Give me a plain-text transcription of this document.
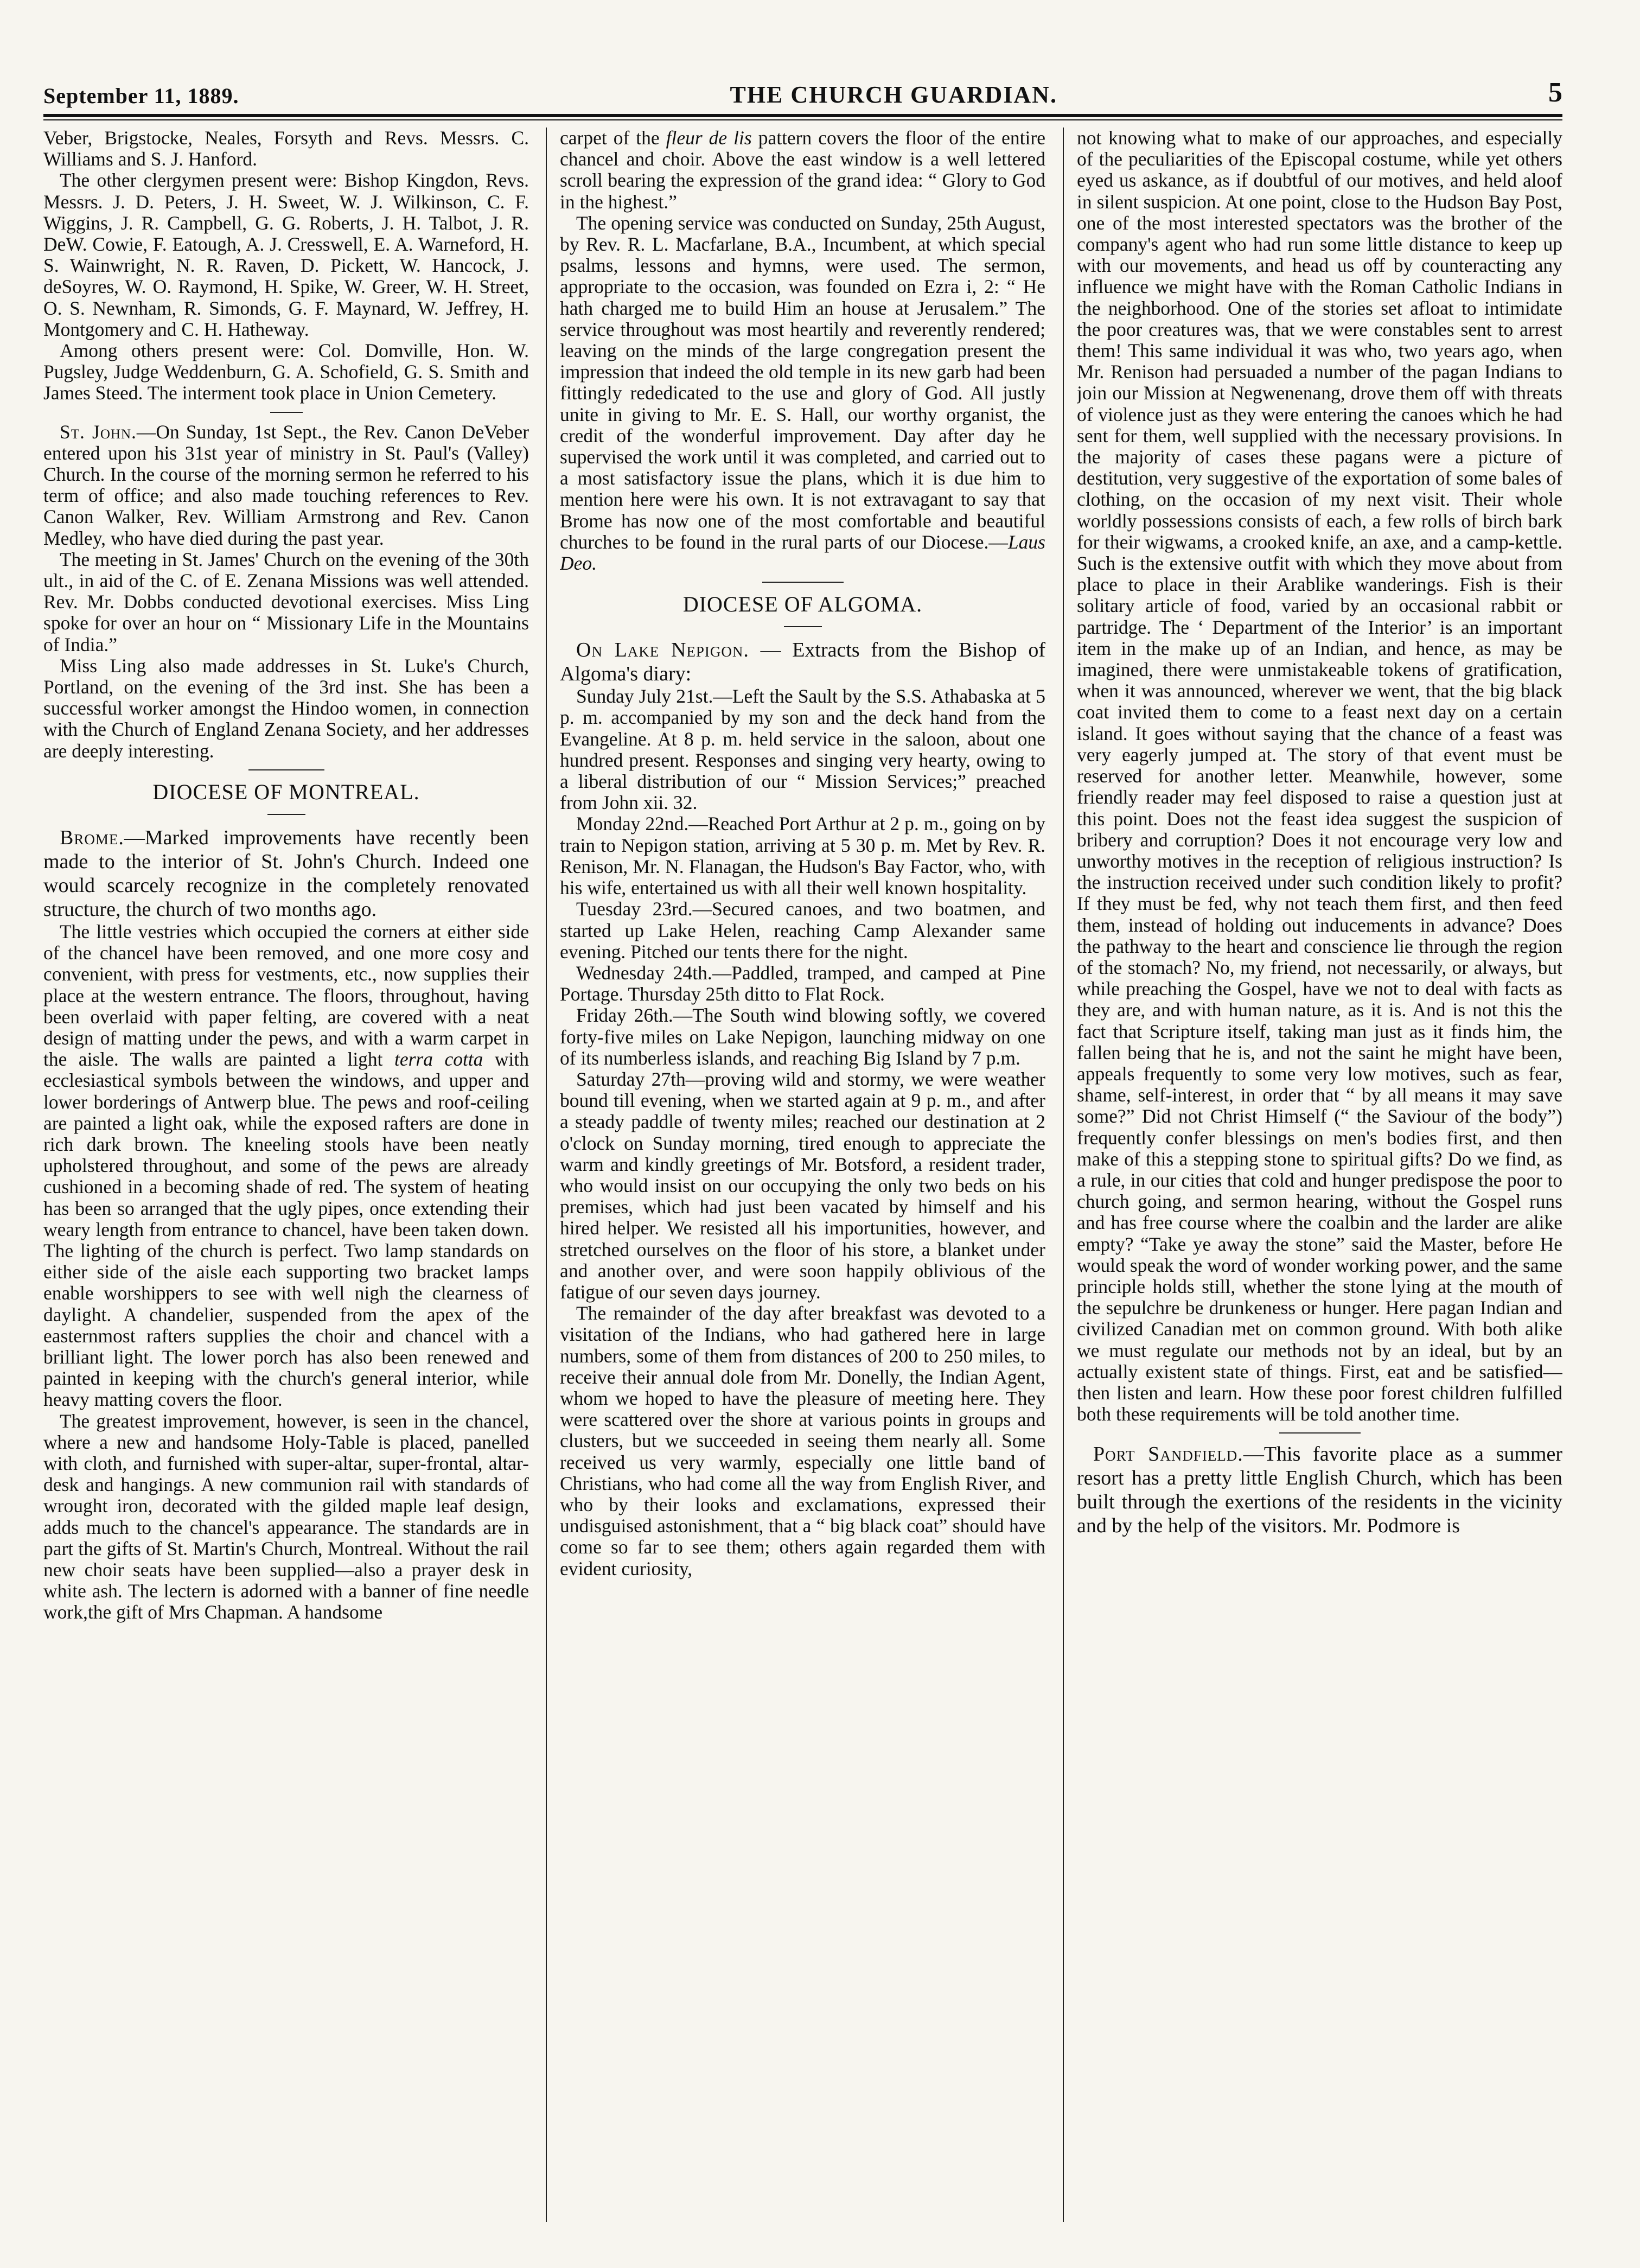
September 11, 1889.	THE CHURCH GUARDIAN.	5

Veber, Brigstocke, Neales, Forsyth and Revs. Messrs. C. Williams and S. J. Hanford.

The other clergymen present were: Bishop Kingdon, Revs. Messrs. J. D. Peters, J. H. Sweet, W. J. Wilkinson, C. F. Wiggins, J. R. Campbell, G. G. Roberts, J. H. Talbot, J. R. DeW. Cowie, F. Eatough, A. J. Cresswell, E. A. Warneford, H. S. Wainwright, N. R. Raven, D. Pickett, W. Hancock, J. deSoyres, W. O. Raymond, H. Spike, W. Greer, W. H. Street, O. S. Newnham, R. Simonds, G. F. Maynard, W. Jeffrey, H. Montgomery and C. H. Hatheway.

Among others present were: Col. Domville, Hon. W. Pugsley, Judge Weddenburn, G. A. Schofield, G. S. Smith and James Steed. The interment took place in Union Cemetery.

St. John.—On Sunday, 1st Sept., the Rev. Canon DeVeber entered upon his 31st year of ministry in St. Paul's (Valley) Church. In the course of the morning sermon he referred to his term of office; and also made touching references to Rev. Canon Walker, Rev. William Armstrong and Rev. Canon Medley, who have died during the past year.

The meeting in St. James' Church on the evening of the 30th ult., in aid of the C. of E. Zenana Missions was well attended. Rev. Mr. Dobbs conducted devotional exercises. Miss Ling spoke for over an hour on “ Missionary Life in the Mountains of India.”

Miss Ling also made addresses in St. Luke's Church, Portland, on the evening of the 3rd inst. She has been a successful worker amongst the Hindoo women, in connection with the Church of England Zenana Society, and her addresses are deeply interesting.

DIOCESE OF MONTREAL.

Brome.—Marked improvements have recently been made to the interior of St. John's Church. Indeed one would scarcely recognize in the completely renovated structure, the church of two months ago.

The little vestries which occupied the corners at either side of the chancel have been removed, and one more cosy and convenient, with press for vestments, etc., now supplies their place at the western entrance. The floors, throughout, having been overlaid with paper felting, are covered with a neat design of matting under the pews, and with a warm carpet in the aisle. The walls are painted a light terra cotta with ecclesiastical symbols between the windows, and upper and lower borderings of Antwerp blue. The pews and roof-ceiling are painted a light oak, while the exposed rafters are done in rich dark brown. The kneeling stools have been neatly upholstered throughout, and some of the pews are already cushioned in a becoming shade of red. The system of heating has been so arranged that the ugly pipes, once extending their weary length from entrance to chancel, have been taken down. The lighting of the church is perfect. Two lamp standards on either side of the aisle each supporting two bracket lamps enable worshippers to see with well nigh the clearness of daylight. A chandelier, suspended from the apex of the easternmost rafters supplies the choir and chancel with a brilliant light. The lower porch has also been renewed and painted in keeping with the church's general interior, while heavy matting covers the floor.

The greatest improvement, however, is seen in the chancel, where a new and handsome Holy-Table is placed, panelled with cloth, and furnished with super-altar, super-frontal, altar-desk and hangings. A new communion rail with standards of wrought iron, decorated with the gilded maple leaf design, adds much to the chancel's appearance. The standards are in part the gifts of St. Martin's Church, Montreal. Without the rail new choir seats have been supplied—also a prayer desk in white ash. The lectern is adorned with a banner of fine needle work,the gift of Mrs Chapman. A handsome

carpet of the fleur de lis pattern covers the floor of the entire chancel and choir. Above the east window is a well lettered scroll bearing the expression of the grand idea: “ Glory to God in the highest.”

The opening service was conducted on Sunday, 25th August, by Rev. R. L. Macfarlane, B.A., Incumbent, at which special psalms, lessons and hymns, were used. The sermon, appropriate to the occasion, was founded on Ezra i, 2: “ He hath charged me to build Him an house at Jerusalem.” The service throughout was most heartily and reverently rendered; leaving on the minds of the large congregation present the impression that indeed the old temple in its new garb had been fittingly rededicated to the use and glory of God. All justly unite in giving to Mr. E. S. Hall, our worthy organist, the credit of the wonderful improvement. Day after day he supervised the work until it was completed, and carried out to a most satisfactory issue the plans, which it is due him to mention here were his own. It is not extravagant to say that Brome has now one of the most comfortable and beautiful churches to be found in the rural parts of our Diocese.—Laus Deo.

DIOCESE OF ALGOMA.

On Lake Nepigon. — Extracts from the Bishop of Algoma's diary:

Sunday July 21st.—Left the Sault by the S.S. Athabaska at 5 p. m. accompanied by my son and the deck hand from the Evangeline. At 8 p. m. held service in the saloon, about one hundred present. Responses and singing very hearty, owing to a liberal distribution of our “ Mission Services;” preached from John xii. 32.

Monday 22nd.—Reached Port Arthur at 2 p. m., going on by train to Nepigon station, arriving at 5 30 p. m. Met by Rev. R. Renison, Mr. N. Flanagan, the Hudson's Bay Factor, who, with his wife, entertained us with all their well known hospitality.

Tuesday 23rd.—Secured canoes, and two boatmen, and started up Lake Helen, reaching Camp Alexander same evening. Pitched our tents there for the night.

Wednesday 24th.—Paddled, tramped, and camped at Pine Portage. Thursday 25th ditto to Flat Rock.

Friday 26th.—The South wind blowing softly, we covered forty-five miles on Lake Nepigon, launching midway on one of its numberless islands, and reaching Big Island by 7 p.m.

Saturday 27th—proving wild and stormy, we were weather bound till evening, when we started again at 9 p. m., and after a steady paddle of twenty miles; reached our destination at 2 o'clock on Sunday morning, tired enough to appreciate the warm and kindly greetings of Mr. Botsford, a resident trader, who would insist on our occupying the only two beds on his premises, which had just been vacated by himself and his hired helper. We resisted all his importunities, however, and stretched ourselves on the floor of his store, a blanket under and another over, and were soon happily oblivious of the fatigue of our seven days journey.

The remainder of the day after breakfast was devoted to a visitation of the Indians, who had gathered here in large numbers, some of them from distances of 200 to 250 miles, to receive their annual dole from Mr. Donelly, the Indian Agent, whom we hoped to have the pleasure of meeting here. They were scattered over the shore at various points in groups and clusters, but we succeeded in seeing them nearly all. Some received us very warmly, especially one little band of Christians, who had come all the way from English River, and who by their looks and exclamations, expressed their undisguised astonishment, that a “ big black coat” should have come so far to see them; others again regarded them with evident curiosity,

not knowing what to make of our approaches, and especially of the peculiarities of the Episcopal costume, while yet others eyed us askance, as if doubtful of our motives, and held aloof in silent suspicion. At one point, close to the Hudson Bay Post, one of the most interested spectators was the brother of the company's agent who had run some little distance to keep up with our movements, and head us off by counteracting any influence we might have with the Roman Catholic Indians in the neighborhood. One of the stories set afloat to intimidate the poor creatures was, that we were constables sent to arrest them! This same individual it was who, two years ago, when Mr. Renison had persuaded a number of the pagan Indians to join our Mission at Negwenenang, drove them off with threats of violence just as they were entering the canoes which he had sent for them, well supplied with the necessary provisions. In the majority of cases these pagans were a picture of destitution, very suggestive of the exportation of some bales of clothing, on the occasion of my next visit. Their whole worldly possessions consists of each, a few rolls of birch bark for their wigwams, a crooked knife, an axe, and a camp-kettle. Such is the extensive outfit with which they move about from place to place in their Arablike wanderings. Fish is their solitary article of food, varied by an occasional rabbit or partridge. The ‘ Department of the Interior’ is an important item in the make up of an Indian, and hence, as may be imagined, there were unmistakeable tokens of gratification, when it was announced, wherever we went, that the big black coat invited them to come to a feast next day on a certain island. It goes without saying that the chance of a feast was very eagerly jumped at. The story of that event must be reserved for another letter. Meanwhile, however, some friendly reader may feel disposed to raise a question just at this point. Does not the feast idea suggest the suspicion of bribery and corruption? Does it not encourage very low and unworthy motives in the reception of religious instruction? Is the instruction received under such condition likely to profit? If they must be fed, why not teach them first, and then feed them, instead of holding out inducements in advance? Does the pathway to the heart and conscience lie through the region of the stomach? No, my friend, not necessarily, or always, but while preaching the Gospel, have we not to deal with facts as they are, and with human nature, as it is. And is not this the fact that Scripture itself, taking man just as it finds him, the fallen being that he is, and not the saint he might have been, appeals frequently to some very low motives, such as fear, shame, self-interest, in order that “ by all means it may save some?” Did not Christ Himself (“ the Saviour of the body”) frequently confer blessings on men's bodies first, and then make of this a stepping stone to spiritual gifts? Do we find, as a rule, in our cities that cold and hunger predispose the poor to church going, and sermon hearing, without the Gospel runs and has free course where the coalbin and the larder are alike empty? “Take ye away the stone” said the Master, before He would speak the word of wonder working power, and the same principle holds still, whether the stone lying at the mouth of the sepulchre be drunkeness or hunger. Here pagan Indian and civilized Canadian met on common ground. With both alike we must regulate our methods not by an ideal, but by an actually existent state of things. First, eat and be satisfied—then listen and learn. How these poor forest children fulfilled both these requirements will be told another time.

Port Sandfield.—This favorite place as a summer resort has a pretty little English Church, which has been built through the exertions of the residents in the vicinity and by the help of the visitors. Mr. Podmore is
